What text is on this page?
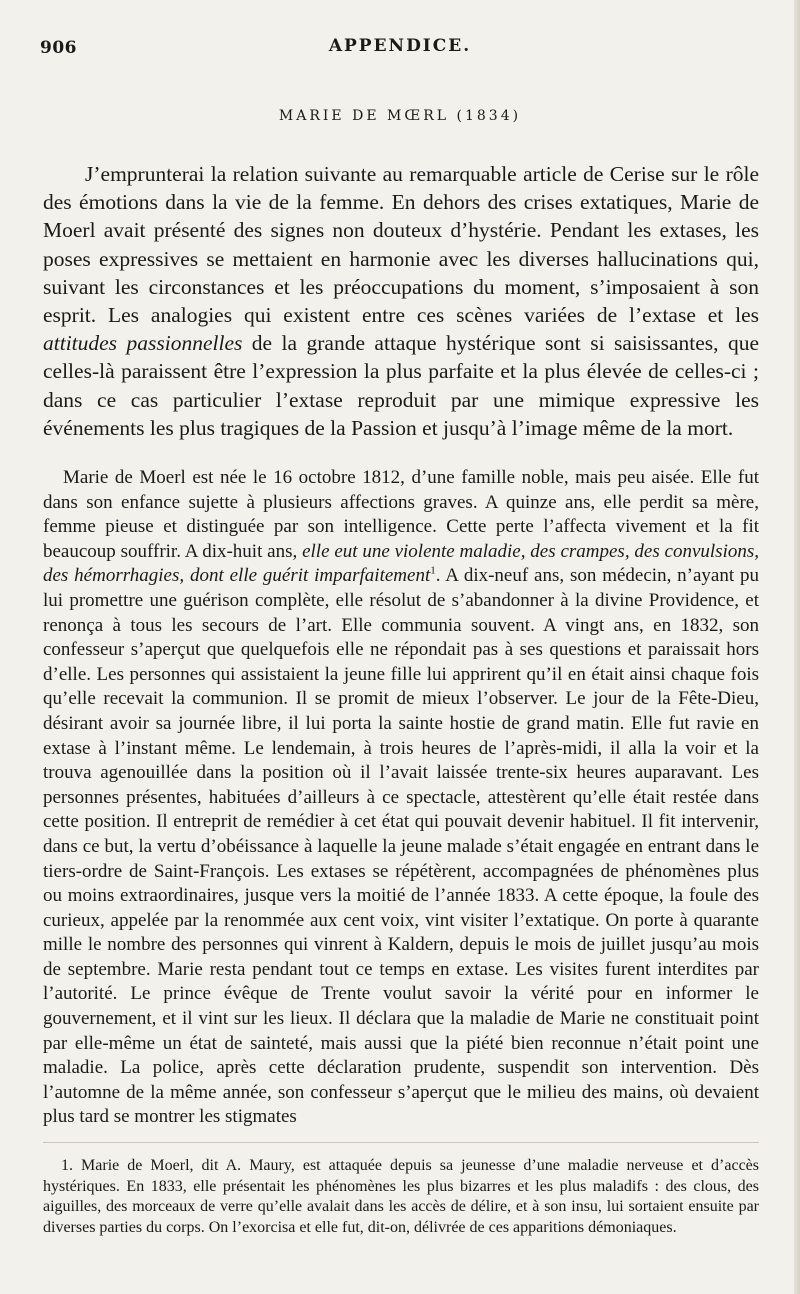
906	APPENDICE.
MARIE DE MŒRL (1834)

J’emprunterai la relation suivante au remarquable article de Cerise sur le rôle des émotions dans la vie de la femme. En dehors des crises extatiques, Marie de Moerl avait présenté des signes non douteux d’hystérie. Pendant les extases, les poses expressives se mettaient en harmonie avec les diverses hallucinations qui, suivant les circonstances et les préoccupations du moment, s’imposaient à son esprit. Les analogies qui existent entre ces scènes variées de l’extase et les attitudes passionnelles de la grande attaque hystérique sont si saisissantes, que celles-là paraissent être l’expression la plus parfaite et la plus élevée de celles-ci ; dans ce cas particulier l’extase reproduit par une mimique expressive les événements les plus tragiques de la Passion et jusqu’à l’image même de la mort.

Marie de Moerl est née le 16 octobre 1812, d’une famille noble, mais peu aisée. Elle fut dans son enfance sujette à plusieurs affections graves. A quinze ans, elle perdit sa mère, femme pieuse et distinguée par son intelligence. Cette perte l’affecta vivement et la fit beaucoup souffrir. A dix-huit ans, elle eut une violente maladie, des crampes, des convulsions, des hémorrhagies, dont elle guérit imparfaitement$^1$. A dix-neuf ans, son médecin, n’ayant pu lui promettre une guérison complète, elle résolut de s’abandonner à la divine Providence, et renonça à tous les secours de l’art. Elle communia souvent. A vingt ans, en 1832, son confesseur s’aperçut que quelquefois elle ne répondait pas à ses questions et paraissait hors d’elle. Les personnes qui assistaient la jeune fille lui apprirent qu’il en était ainsi chaque fois qu’elle recevait la communion. Il se promit de mieux l’observer. Le jour de la Fête-Dieu, désirant avoir sa journée libre, il lui porta la sainte hostie de grand matin. Elle fut ravie en extase à l’instant même. Le lendemain, à trois heures de l’après-midi, il alla la voir et la trouva agenouillée dans la position où il l’avait laissée trente-six heures auparavant. Les personnes présentes, habituées d’ailleurs à ce spectacle, attestèrent qu’elle était restée dans cette position. Il entreprit de remédier à cet état qui pouvait devenir habituel. Il fit intervenir, dans ce but, la vertu d’obéissance à laquelle la jeune malade s’était engagée en entrant dans le tiers-ordre de Saint-François. Les extases se répétèrent, accompagnées de phénomènes plus ou moins extraordinaires, jusque vers la moitié de l’année 1833. A cette époque, la foule des curieux, appelée par la renommée aux cent voix, vint visiter l’extatique. On porte à quarante mille le nombre des personnes qui vinrent à Kaldern, depuis le mois de juillet jusqu’au mois de septembre. Marie resta pendant tout ce temps en extase. Les visites furent interdites par l’autorité. Le prince évêque de Trente voulut savoir la vérité pour en informer le gouvernement, et il vint sur les lieux. Il déclara que la maladie de Marie ne constituait point par elle-même un état de sainteté, mais aussi que la piété bien reconnue n’était point une maladie. La police, après cette déclaration prudente, suspendit son intervention. Dès l’automne de la même année, son confesseur s’aperçut que le milieu des mains, où devaient plus tard se montrer les stigmates

1. Marie de Moerl, dit A. Maury, est attaquée depuis sa jeunesse d’une maladie nerveuse et d’accès hystériques. En 1833, elle présentait les phénomènes les plus bizarres et les plus maladifs : des clous, des aiguilles, des morceaux de verre qu’elle avalait dans les accès de délire, et à son insu, lui sortaient ensuite par diverses parties du corps. On l’exorcisa et elle fut, dit-on, délivrée de ces apparitions démoniaques.
